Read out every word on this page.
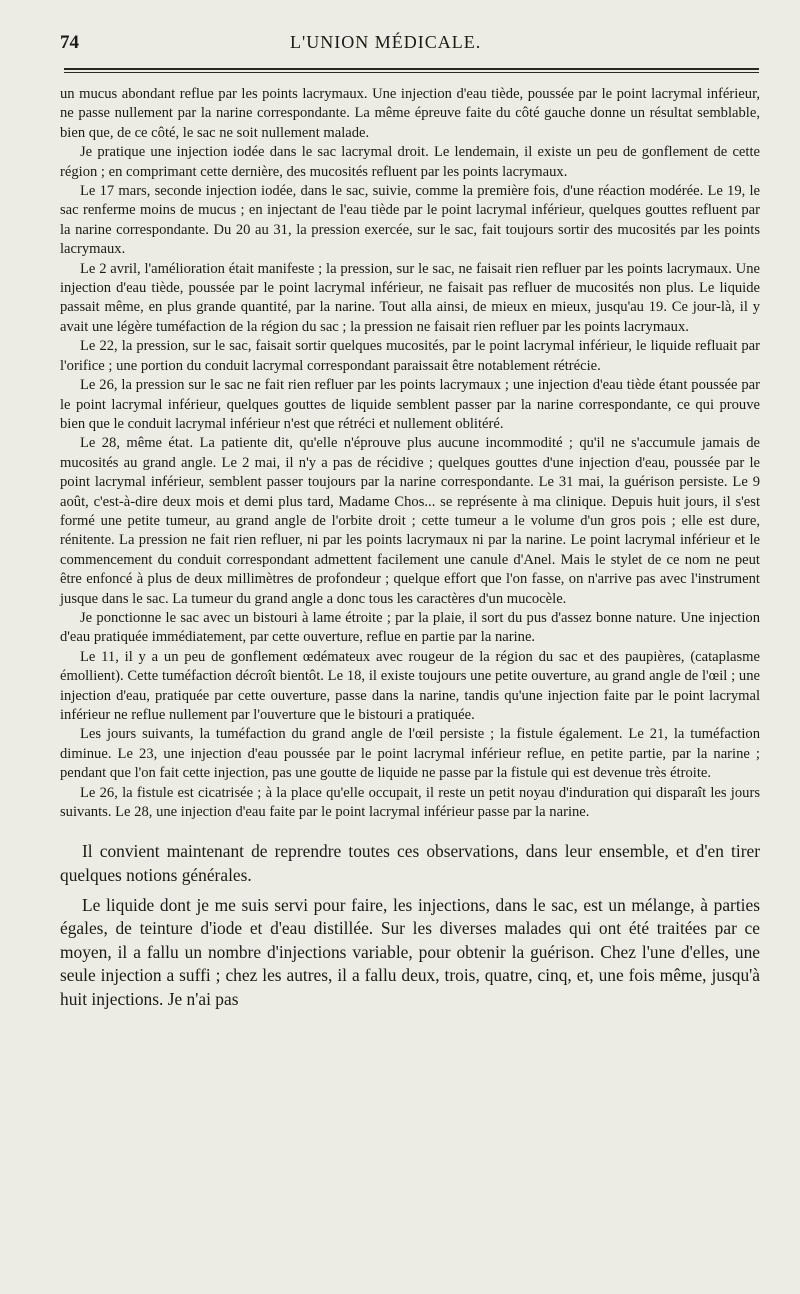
74	L'UNION MÉDICALE.

un mucus abondant reflue par les points lacrymaux. Une injection d'eau tiède, poussée par le point lacrymal inférieur, ne passe nullement par la narine correspondante. La même épreuve faite du côté gauche donne un résultat semblable, bien que, de ce côté, le sac ne soit nullement malade.

Je pratique une injection iodée dans le sac lacrymal droit. Le lendemain, il existe un peu de gonflement de cette région ; en comprimant cette dernière, des mucosités refluent par les points lacrymaux.

Le 17 mars, seconde injection iodée, dans le sac, suivie, comme la première fois, d'une réaction modérée. Le 19, le sac renferme moins de mucus ; en injectant de l'eau tiède par le point lacrymal inférieur, quelques gouttes refluent par la narine correspondante. Du 20 au 31, la pression exercée, sur le sac, fait toujours sortir des mucosités par les points lacrymaux.

Le 2 avril, l'amélioration était manifeste ; la pression, sur le sac, ne faisait rien refluer par les points lacrymaux. Une injection d'eau tiède, poussée par le point lacrymal inférieur, ne faisait pas refluer de mucosités non plus. Le liquide passait même, en plus grande quantité, par la narine. Tout alla ainsi, de mieux en mieux, jusqu'au 19. Ce jour-là, il y avait une légère tuméfaction de la région du sac ; la pression ne faisait rien refluer par les points lacrymaux.

Le 22, la pression, sur le sac, faisait sortir quelques mucosités, par le point lacrymal inférieur, le liquide refluait par l'orifice ; une portion du conduit lacrymal correspondant paraissait être notablement rétrécie.

Le 26, la pression sur le sac ne fait rien refluer par les points lacrymaux ; une injection d'eau tiède étant poussée par le point lacrymal inférieur, quelques gouttes de liquide semblent passer par la narine correspondante, ce qui prouve bien que le conduit lacrymal inférieur n'est que rétréci et nullement oblitéré.

Le 28, même état. La patiente dit, qu'elle n'éprouve plus aucune incommodité ; qu'il ne s'accumule jamais de mucosités au grand angle. Le 2 mai, il n'y a pas de récidive ; quelques gouttes d'une injection d'eau, poussée par le point lacrymal inférieur, semblent passer toujours par la narine correspondante. Le 31 mai, la guérison persiste. Le 9 août, c'est-à-dire deux mois et demi plus tard, Madame Chos... se représente à ma clinique. Depuis huit jours, il s'est formé une petite tumeur, au grand angle de l'orbite droit ; cette tumeur a le volume d'un gros pois ; elle est dure, rénitente. La pression ne fait rien refluer, ni par les points lacrymaux ni par la narine. Le point lacrymal inférieur et le commencement du conduit correspondant admettent facilement une canule d'Anel. Mais le stylet de ce nom ne peut être enfoncé à plus de deux millimètres de profondeur ; quelque effort que l'on fasse, on n'arrive pas avec l'instrument jusque dans le sac. La tumeur du grand angle a donc tous les caractères d'un mucocèle.

Je ponctionne le sac avec un bistouri à lame étroite ; par la plaie, il sort du pus d'assez bonne nature. Une injection d'eau pratiquée immédiatement, par cette ouverture, reflue en partie par la narine.

Le 11, il y a un peu de gonflement œdémateux avec rougeur de la région du sac et des paupières, (cataplasme émollient). Cette tuméfaction décroît bientôt. Le 18, il existe toujours une petite ouverture, au grand angle de l'œil ; une injection d'eau, pratiquée par cette ouverture, passe dans la narine, tandis qu'une injection faite par le point lacrymal inférieur ne reflue nullement par l'ouverture que le bistouri a pratiquée.

Les jours suivants, la tuméfaction du grand angle de l'œil persiste ; la fistule également. Le 21, la tuméfaction diminue. Le 23, une injection d'eau poussée par le point lacrymal inférieur reflue, en petite partie, par la narine ; pendant que l'on fait cette injection, pas une goutte de liquide ne passe par la fistule qui est devenue très étroite.

Le 26, la fistule est cicatrisée ; à la place qu'elle occupait, il reste un petit noyau d'induration qui disparaît les jours suivants. Le 28, une injection d'eau faite par le point lacrymal inférieur passe par la narine.

Il convient maintenant de reprendre toutes ces observations, dans leur ensemble, et d'en tirer quelques notions générales.

Le liquide dont je me suis servi pour faire, les injections, dans le sac, est un mélange, à parties égales, de teinture d'iode et d'eau distillée. Sur les diverses malades qui ont été traitées par ce moyen, il a fallu un nombre d'injections variable, pour obtenir la guérison. Chez l'une d'elles, une seule injection a suffi ; chez les autres, il a fallu deux, trois, quatre, cinq, et, une fois même, jusqu'à huit injections. Je n'ai pas
